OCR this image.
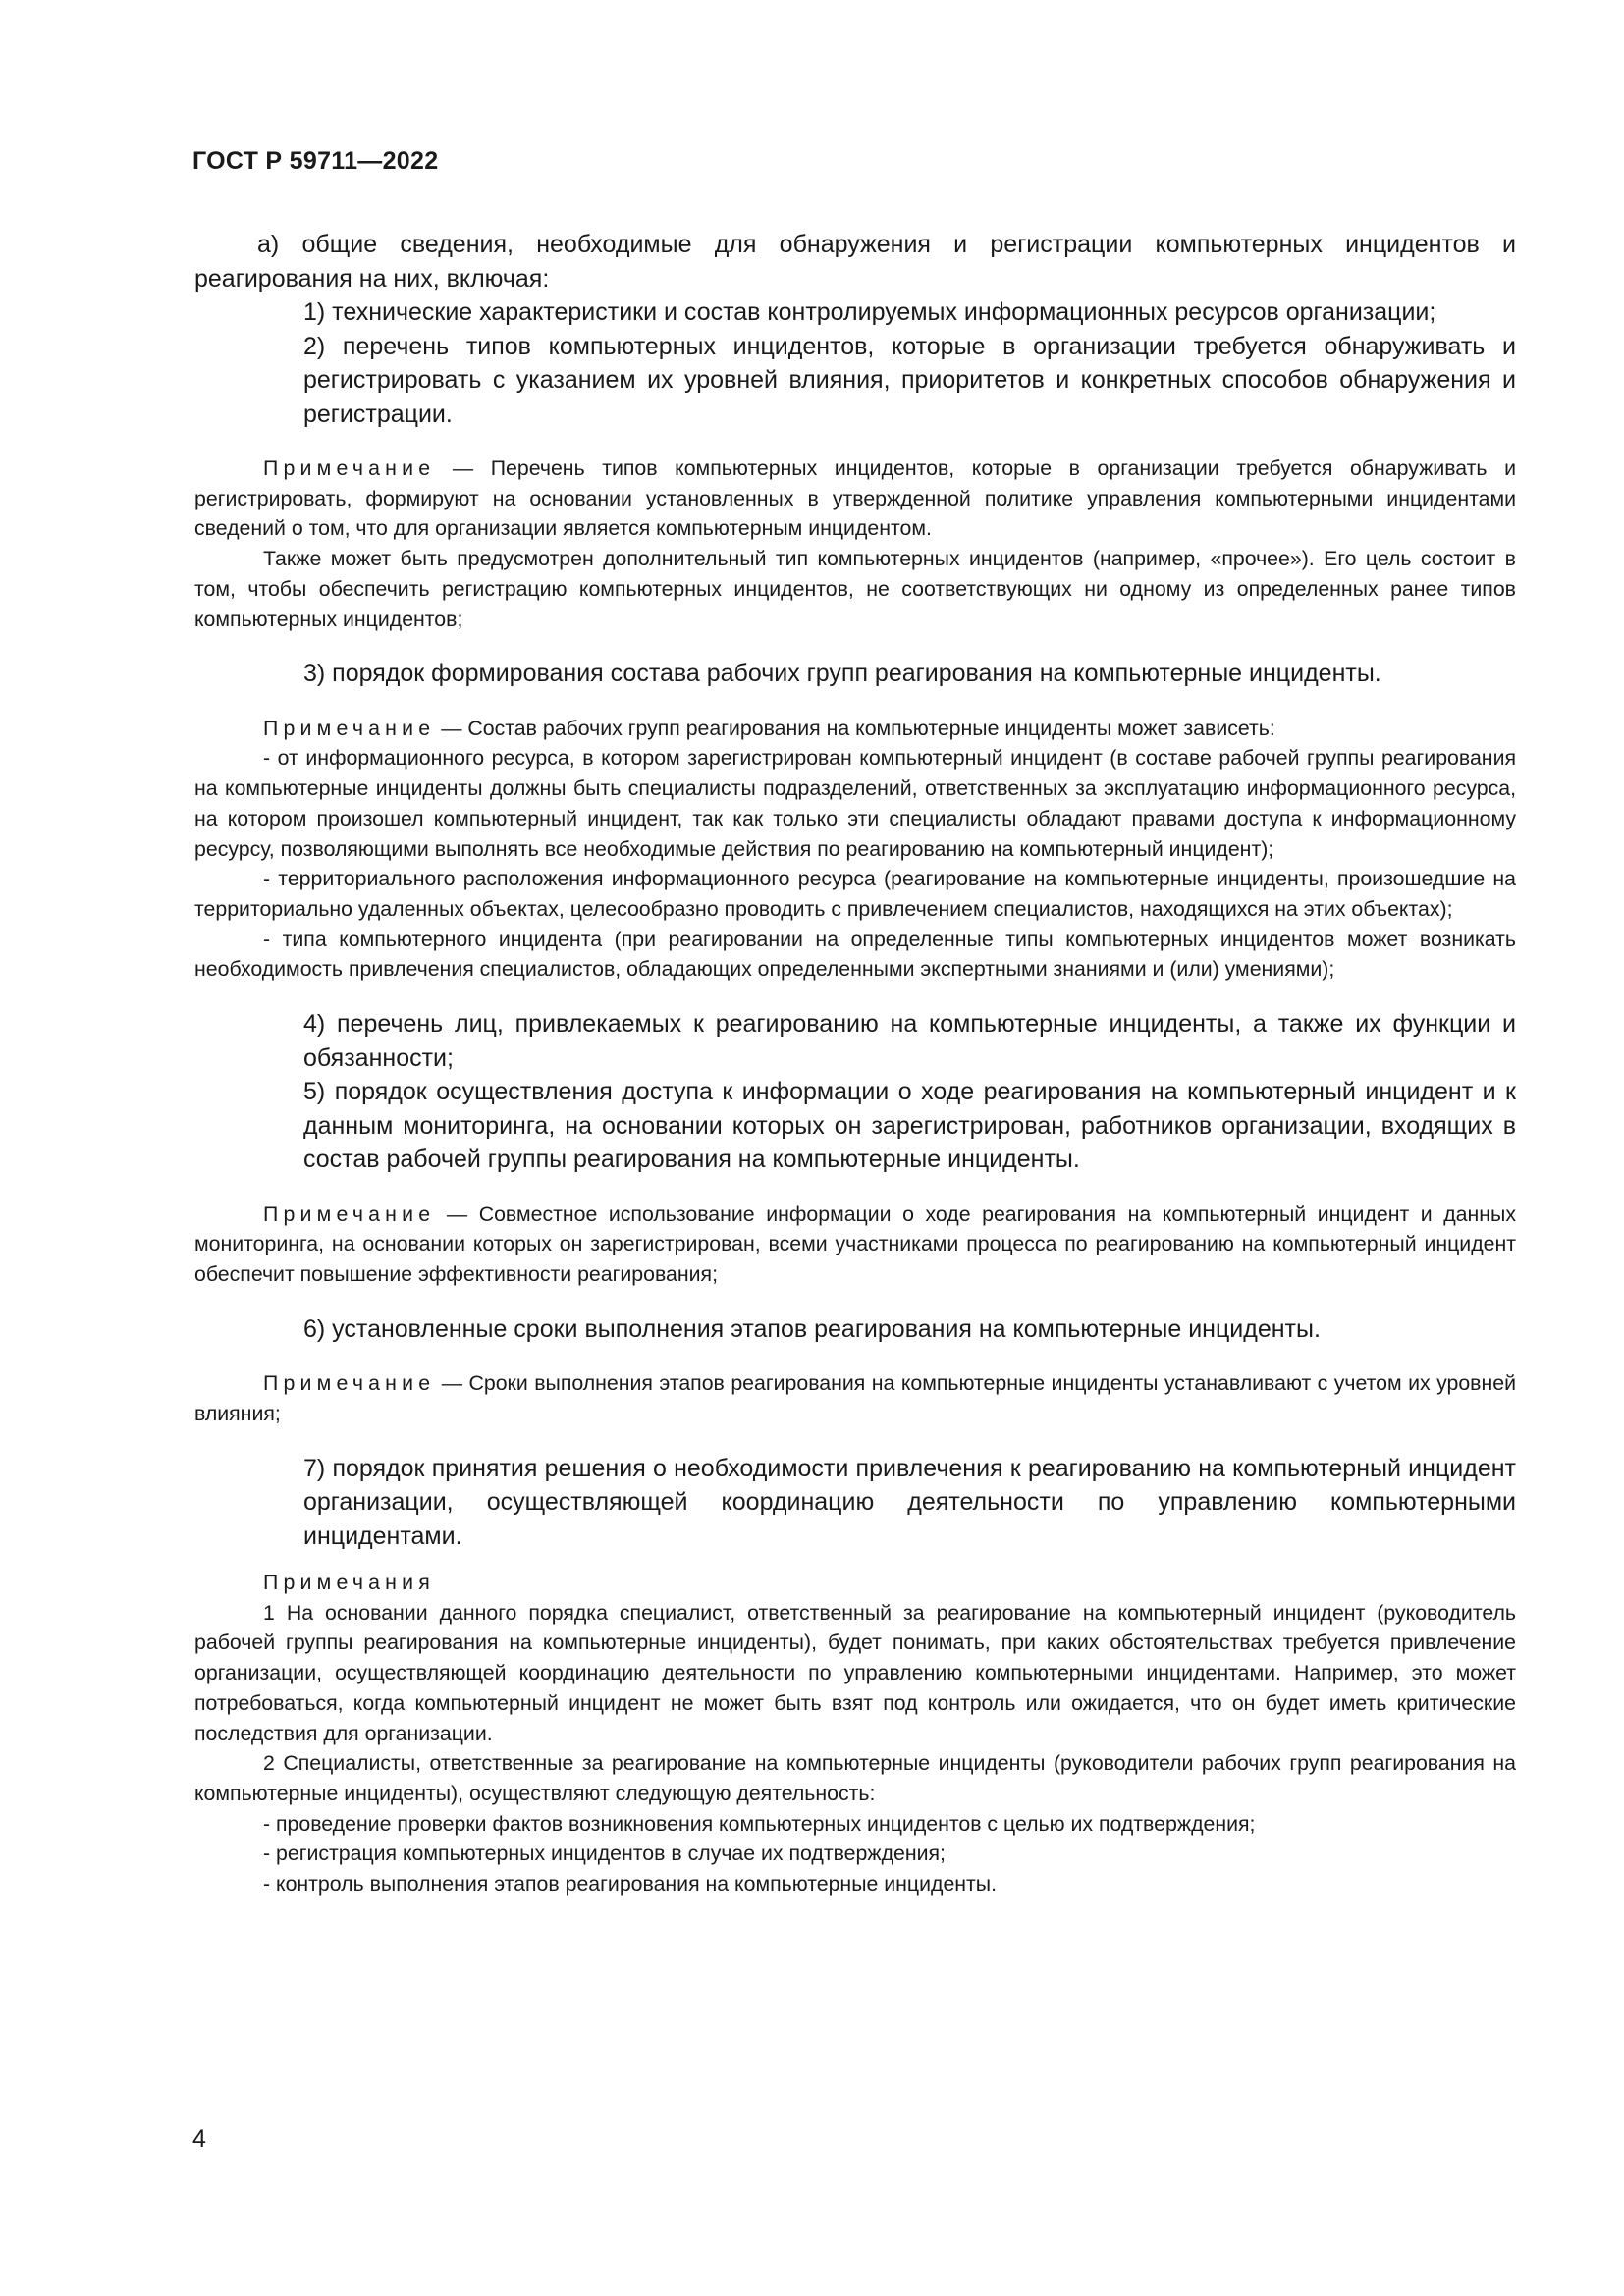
ГОСТ Р 59711—2022

а) общие сведения, необходимые для обнаружения и регистрации компьютерных инцидентов и реагирования на них, включая:

1) технические характеристики и состав контролируемых информационных ресурсов организации;

2) перечень типов компьютерных инцидентов, которые в организации требуется обнаруживать и регистрировать с указанием их уровней влияния, приоритетов и конкретных способов обнаружения и регистрации.

Примечание — Перечень типов компьютерных инцидентов, которые в организации требуется обнаруживать и регистрировать, формируют на основании установленных в утвержденной политике управления компьютерными инцидентами сведений о том, что для организации является компьютерным инцидентом.

Также может быть предусмотрен дополнительный тип компьютерных инцидентов (например, «прочее»). Его цель состоит в том, чтобы обеспечить регистрацию компьютерных инцидентов, не соответствующих ни одному из определенных ранее типов компьютерных инцидентов;

3) порядок формирования состава рабочих групп реагирования на компьютерные инциденты.

Примечание — Состав рабочих групп реагирования на компьютерные инциденты может зависеть:

- от информационного ресурса, в котором зарегистрирован компьютерный инцидент (в составе рабочей группы реагирования на компьютерные инциденты должны быть специалисты подразделений, ответственных за эксплуатацию информационного ресурса, на котором произошел компьютерный инцидент, так как только эти специалисты обладают правами доступа к информационному ресурсу, позволяющими выполнять все необходимые действия по реагированию на компьютерный инцидент);

- территориального расположения информационного ресурса (реагирование на компьютерные инциденты, произошедшие на территориально удаленных объектах, целесообразно проводить с привлечением специалистов, находящихся на этих объектах);

- типа компьютерного инцидента (при реагировании на определенные типы компьютерных инцидентов может возникать необходимость привлечения специалистов, обладающих определенными экспертными знаниями и (или) умениями);

4) перечень лиц, привлекаемых к реагированию на компьютерные инциденты, а также их функции и обязанности;

5) порядок осуществления доступа к информации о ходе реагирования на компьютерный инцидент и к данным мониторинга, на основании которых он зарегистрирован, работников организации, входящих в состав рабочей группы реагирования на компьютерные инциденты.

Примечание — Совместное использование информации о ходе реагирования на компьютерный инцидент и данных мониторинга, на основании которых он зарегистрирован, всеми участниками процесса по реагированию на компьютерный инцидент обеспечит повышение эффективности реагирования;

6) установленные сроки выполнения этапов реагирования на компьютерные инциденты.

Примечание — Сроки выполнения этапов реагирования на компьютерные инциденты устанавливают с учетом их уровней влияния;

7) порядок принятия решения о необходимости привлечения к реагированию на компьютерный инцидент организации, осуществляющей координацию деятельности по управлению компьютерными инцидентами.

Примечания

1 На основании данного порядка специалист, ответственный за реагирование на компьютерный инцидент (руководитель рабочей группы реагирования на компьютерные инциденты), будет понимать, при каких обстоятельствах требуется привлечение организации, осуществляющей координацию деятельности по управлению компьютерными инцидентами. Например, это может потребоваться, когда компьютерный инцидент не может быть взят под контроль или ожидается, что он будет иметь критические последствия для организации.

2 Специалисты, ответственные за реагирование на компьютерные инциденты (руководители рабочих групп реагирования на компьютерные инциденты), осуществляют следующую деятельность:

- проведение проверки фактов возникновения компьютерных инцидентов с целью их подтверждения;

- регистрация компьютерных инцидентов в случае их подтверждения;

- контроль выполнения этапов реагирования на компьютерные инциденты.

4
